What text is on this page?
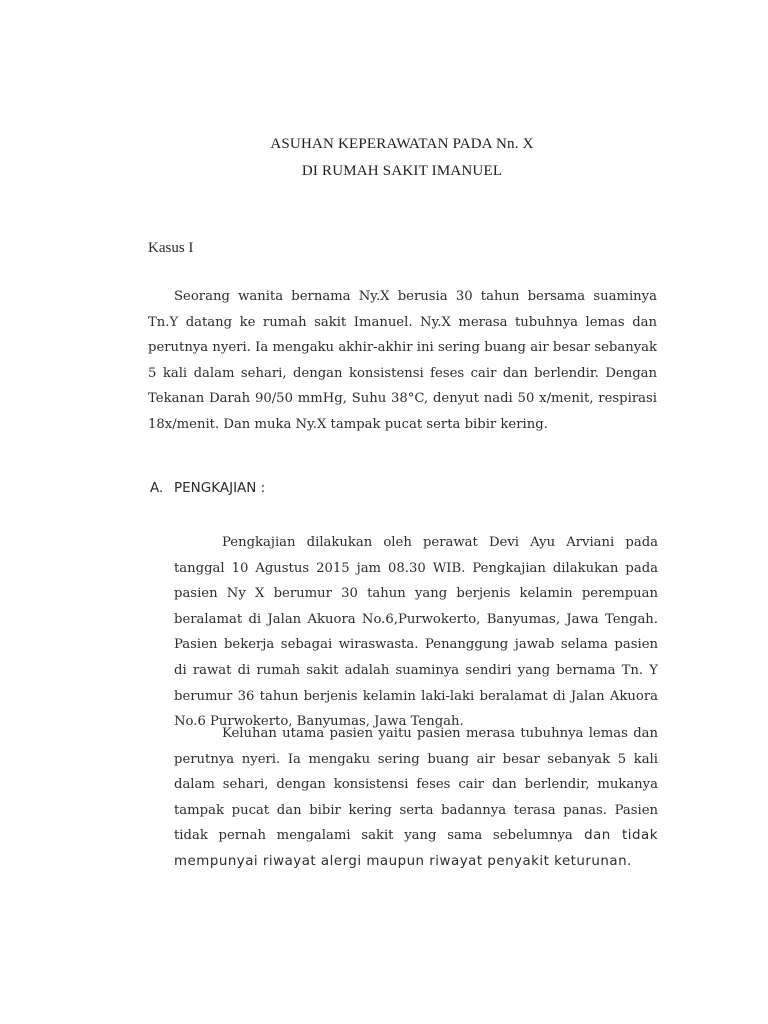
ASUHAN KEPERAWATAN PADA Nn. X
DI RUMAH SAKIT IMANUEL
Kasus I

Seorang wanita bernama Ny.X berusia 30 tahun bersama suaminya Tn.Y datang ke rumah sakit Imanuel. Ny.X merasa tubuhnya lemas dan perutnya nyeri. Ia mengaku akhir-akhir ini sering buang air besar sebanyak 5 kali dalam sehari, dengan konsistensi feses cair dan berlendir. Dengan Tekanan Darah 90/50 mmHg, Suhu 38°C, denyut nadi 50 x/menit, respirasi 18x/menit. Dan muka Ny.X tampak pucat serta bibir kering.

A. PENGKAJIAN :

Pengkajian dilakukan oleh perawat Devi Ayu Arviani pada tanggal 10 Agustus 2015 jam 08.30 WIB. Pengkajian dilakukan pada pasien Ny X berumur 30 tahun yang berjenis kelamin perempuan beralamat di Jalan Akuora No.6,Purwokerto, Banyumas, Jawa Tengah. Pasien bekerja sebagai wiraswasta. Penanggung jawab selama pasien di rawat di rumah sakit adalah suaminya sendiri yang bernama Tn. Y berumur 36 tahun berjenis kelamin laki-laki beralamat di Jalan Akuora No.6 Purwokerto, Banyumas, Jawa Tengah.

Keluhan utama pasien yaitu pasien merasa tubuhnya lemas dan perutnya nyeri. Ia mengaku sering buang air besar sebanyak 5 kali dalam sehari, dengan konsistensi feses cair dan berlendir, mukanya tampak pucat dan bibir kering serta badannya terasa panas. Pasien tidak pernah mengalami sakit yang sama sebelumnya dan tidak mempunyai riwayat alergi maupun riwayat penyakit keturunan.
